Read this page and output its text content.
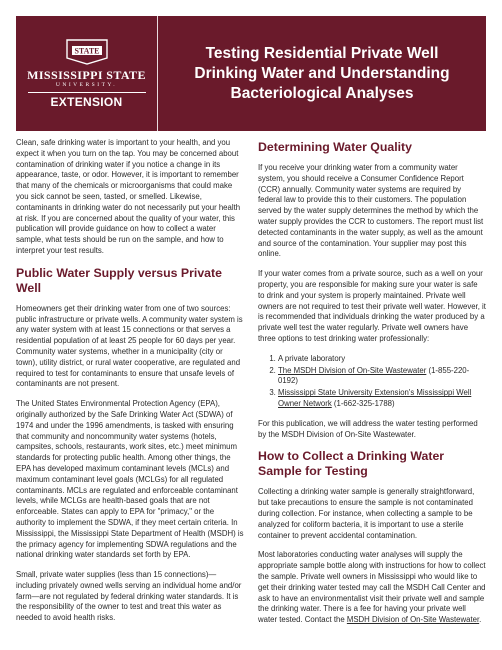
STATE
MISSISSIPPI STATE
UNIVERSITY.
EXTENSION
Testing Residential Private Well
Drinking Water and Understanding
Bacteriological Analyses

Clean, safe drinking water is important to your health, and you expect it when you turn on the tap. You may be concerned about contamination of drinking water if you notice a change in its appearance, taste, or odor. However, it is important to remember that many of the chemicals or microorganisms that could make you sick cannot be seen, tasted, or smelled. Likewise, contaminants in drinking water do not necessarily put your health at risk. If you are concerned about the quality of your water, this publication will provide guidance on how to collect a water sample, what tests should be run on the sample, and how to interpret your test results.

Public Water Supply versus Private Well

Homeowners get their drinking water from one of two sources: public infrastructure or private wells. A community water system is any water system with at least 15 connections or that serves a residential population of at least 25 people for 60 days per year. Community water systems, whether in a municipality (city or town), utility district, or rural water cooperative, are regulated and required to test for contaminants to ensure that unsafe levels of contaminants are not present.

The United States Environmental Protection Agency (EPA), originally authorized by the Safe Drinking Water Act (SDWA) of 1974 and under the 1996 amendments, is tasked with ensuring that community and noncommunity water systems (hotels, campsites, schools, restaurants, work sites, etc.) meet minimum standards for protecting public health. Among other things, the EPA has developed maximum contaminant levels (MCLs) and maximum contaminant level goals (MCLGs) for all regulated contaminants. MCLs are regulated and enforceable contaminant levels, while MCLGs are health-based goals that are not enforceable. States can apply to EPA for "primacy," or the authority to implement the SDWA, if they meet certain criteria. In Mississippi, the Mississippi State Department of Health (MSDH) is the primacy agency for implementing SDWA regulations and the national drinking water standards set forth by EPA.

Small, private water supplies (less than 15 connections)—including privately owned wells serving an individual home and/or farm—are not regulated by federal drinking water standards. It is the responsibility of the owner to test and treat this water as needed to avoid health risks.

Determining Water Quality

If you receive your drinking water from a community water system, you should receive a Consumer Confidence Report (CCR) annually. Community water systems are required by federal law to provide this to their customers. The population served by the water supply determines the method by which the water supply provides the CCR to customers. The report must list detected contaminants in the water supply, as well as the amount and source of the contamination. Your supplier may post this online.

If your water comes from a private source, such as a well on your property, you are responsible for making sure your water is safe to drink and your system is properly maintained. Private well owners are not required to test their private well water. However, it is recommended that individuals drinking the water produced by a private well test the water regularly. Private well owners have three options to test drinking water professionally:

1. A private laboratory
2. The MSDH Division of On-Site Wastewater (1-855-220-0192)
3. Mississippi State University Extension's Mississippi Well Owner Network (1-662-325-1788)

For this publication, we will address the water testing performed by the MSDH Division of On-Site Wastewater.

How to Collect a Drinking Water Sample for Testing

Collecting a drinking water sample is generally straightforward, but take precautions to ensure the sample is not contaminated during collection. For instance, when collecting a sample to be analyzed for coliform bacteria, it is important to use a sterile container to prevent accidental contamination.

Most laboratories conducting water analyses will supply the appropriate sample bottle along with instructions for how to collect the sample. Private well owners in Mississippi who would like to get their drinking water tested may call the MSDH Call Center and ask to have an environmentalist visit their private well and sample the drinking water. There is a fee for having your private well water tested. Contact the MSDH Division of On-Site Wastewater.
